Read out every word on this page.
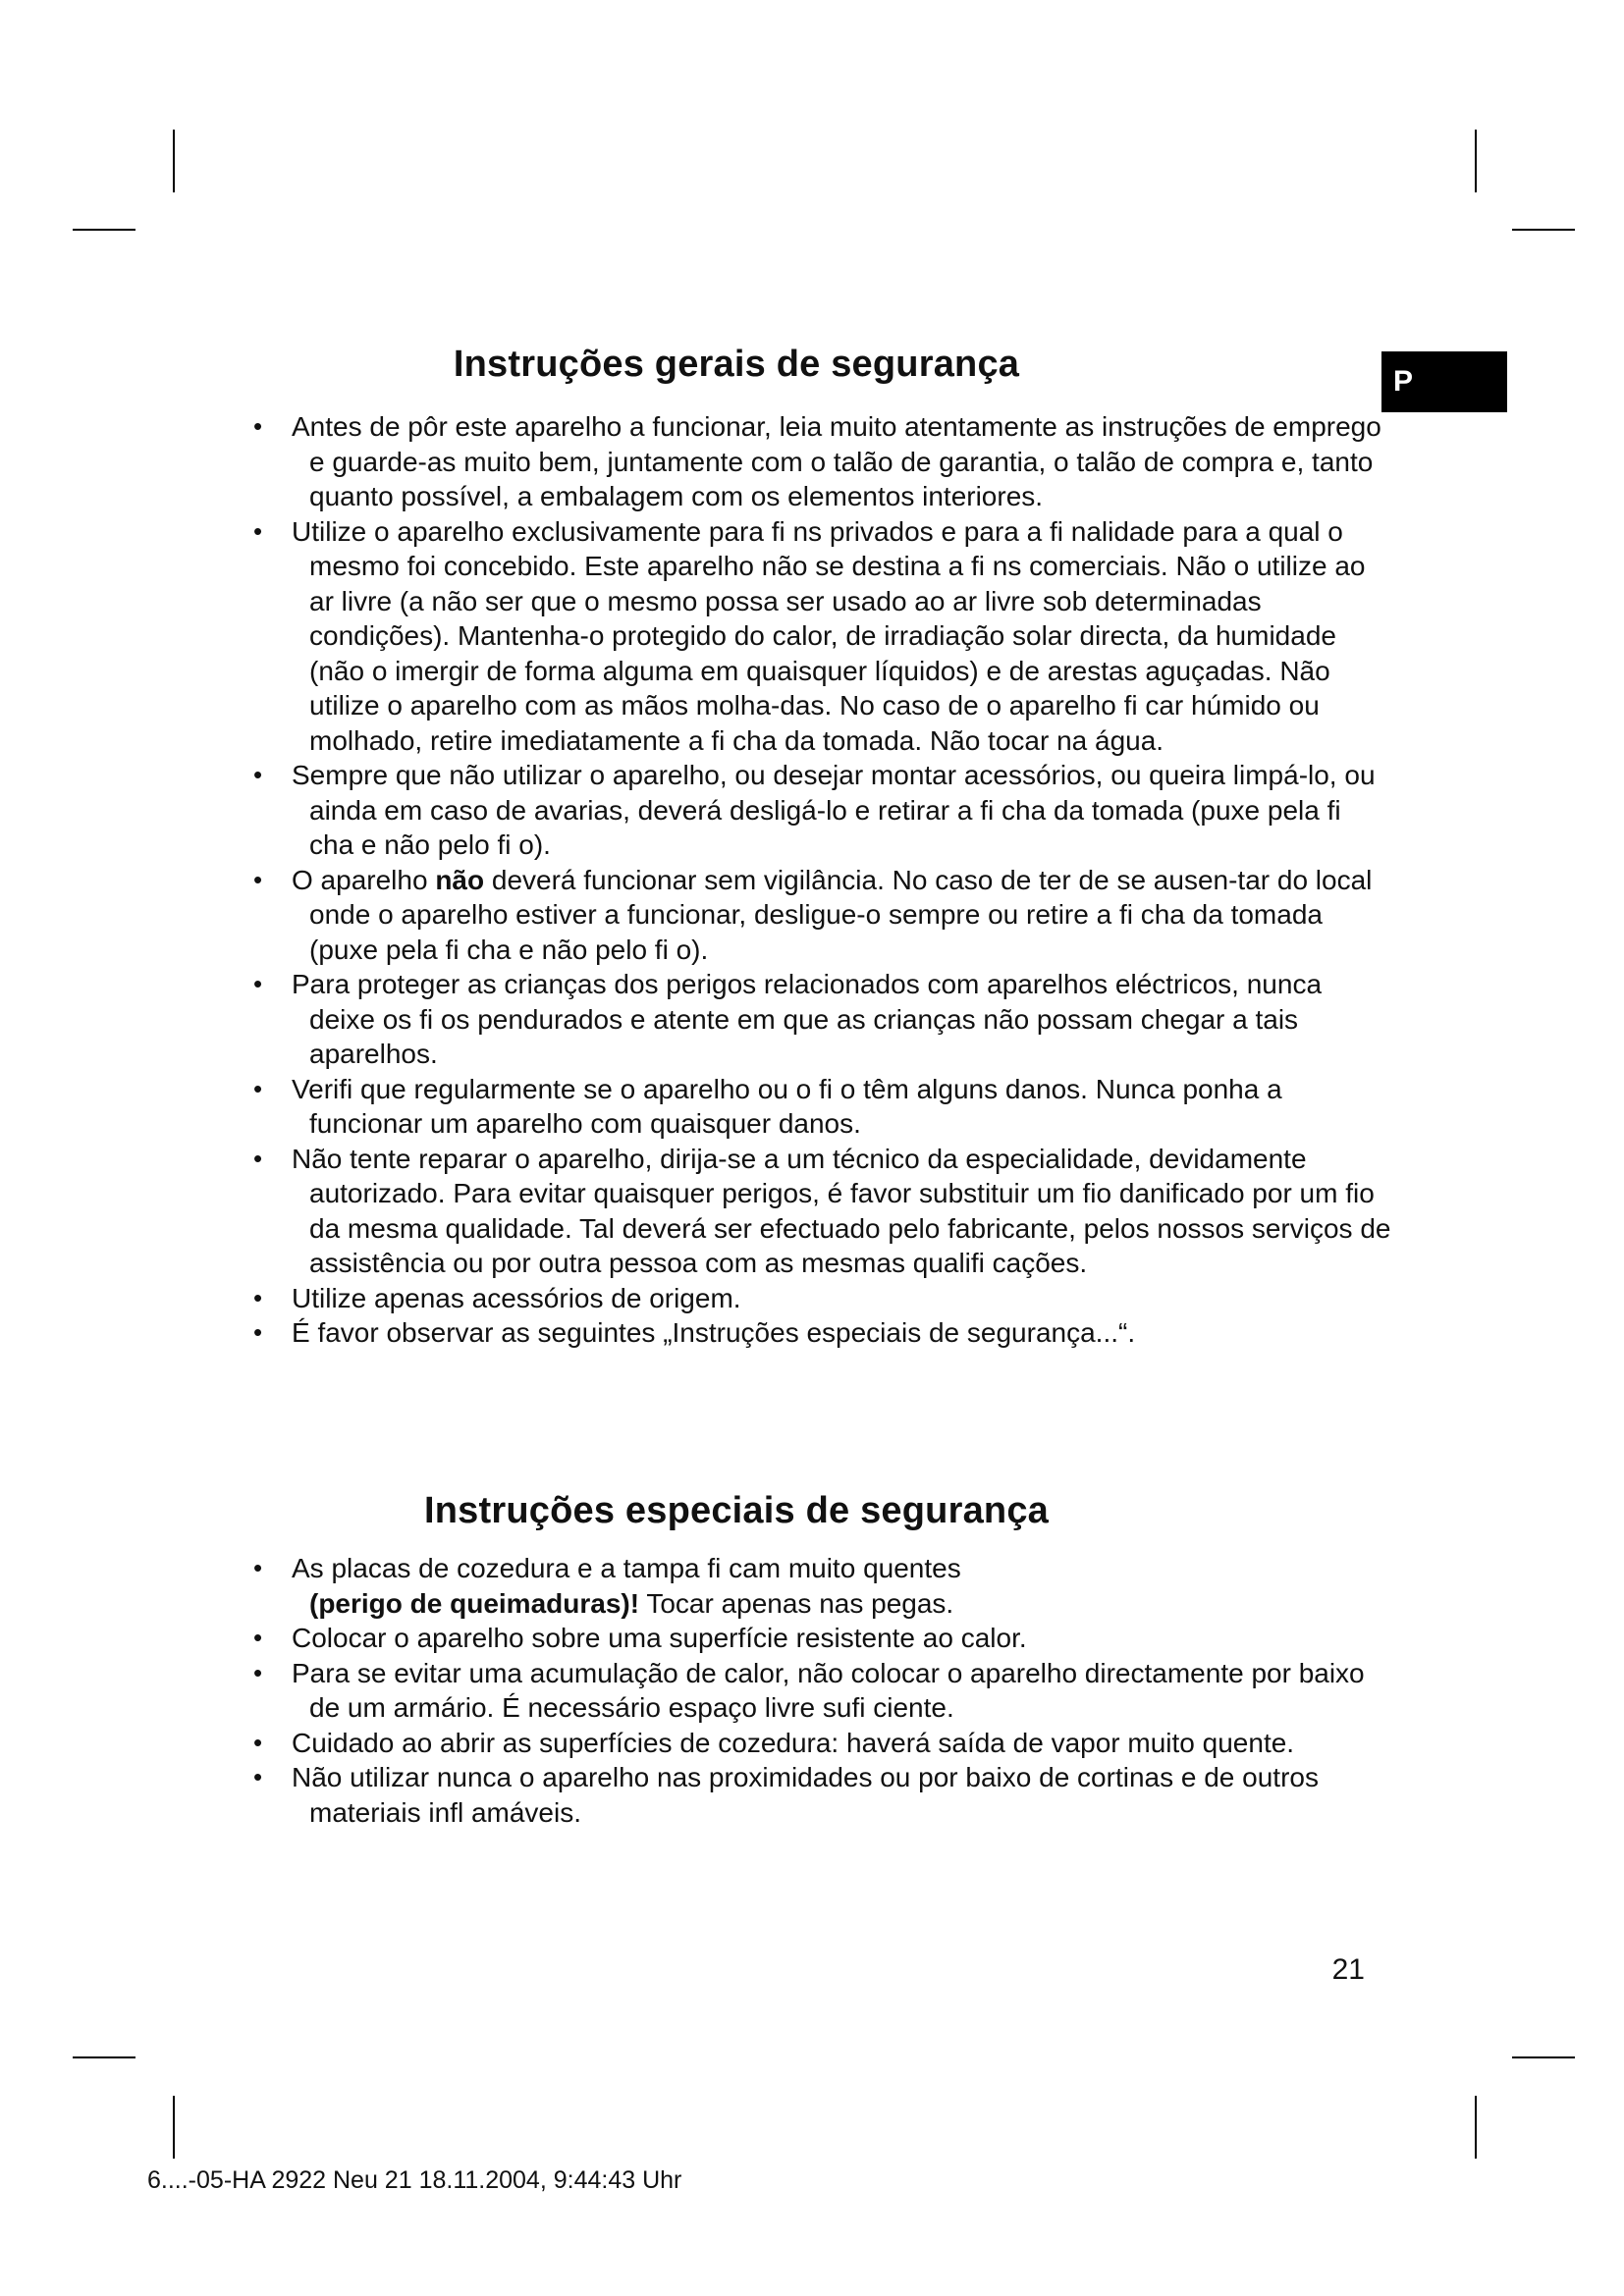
P
Instruções gerais de segurança
• Antes de pôr este aparelho a funcionar, leia muito atentamente as instruções de emprego e guarde-as muito bem, juntamente com o talão de garantia, o talão de compra e, tanto quanto possível, a embalagem com os elementos interiores.
• Utilize o aparelho exclusivamente para fi ns privados e para a fi nalidade para a qual o mesmo foi concebido. Este aparelho não se destina a fi ns comerciais. Não o utilize ao ar livre (a não ser que o mesmo possa ser usado ao ar livre sob determinadas condições). Mantenha-o protegido do calor, de irradiação solar directa, da humidade (não o imergir de forma alguma em quaisquer líquidos) e de arestas aguçadas. Não utilize o aparelho com as mãos molha-das. No caso de o aparelho fi car húmido ou molhado, retire imediatamente a fi cha da tomada. Não tocar na água.
• Sempre que não utilizar o aparelho, ou desejar montar acessórios, ou queira limpá-lo, ou ainda em caso de avarias, deverá desligá-lo e retirar a fi cha da tomada (puxe pela fi cha e não pelo fi o).
• O aparelho não deverá funcionar sem vigilância. No caso de ter de se ausen-tar do local onde o aparelho estiver a funcionar, desligue-o sempre ou retire a fi cha da tomada (puxe pela fi cha e não pelo fi o).
• Para proteger as crianças dos perigos relacionados com aparelhos eléctricos, nunca deixe os fi os pendurados e atente em que as crianças não possam chegar a tais aparelhos.
• Verifi que regularmente se o aparelho ou o fi o têm alguns danos. Nunca ponha a funcionar um aparelho com quaisquer danos.
• Não tente reparar o aparelho, dirija-se a um técnico da especialidade, devidamente autorizado. Para evitar quaisquer perigos, é favor substituir um fio danificado por um fio da mesma qualidade. Tal deverá ser efectuado pelo fabricante, pelos nossos serviços de assistência ou por outra pessoa com as mesmas qualifi cações.
• Utilize apenas acessórios de origem.
• É favor observar as seguintes „Instruções especiais de segurança...“.
Instruções especiais de segurança
• As placas de cozedura e a tampa fi cam muito quentes
(perigo de queimaduras)! Tocar apenas nas pegas.
• Colocar o aparelho sobre uma superfície resistente ao calor.
• Para se evitar uma acumulação de calor, não colocar o aparelho directamente por baixo de um armário. É necessário espaço livre sufi ciente.
• Cuidado ao abrir as superfícies de cozedura: haverá saída de vapor muito quente.
• Não utilizar nunca o aparelho nas proximidades ou por baixo de cortinas e de outros materiais infl amáveis.
21
6....-05-HA 2922 Neu 21 18.11.2004, 9:44:43 Uhr
